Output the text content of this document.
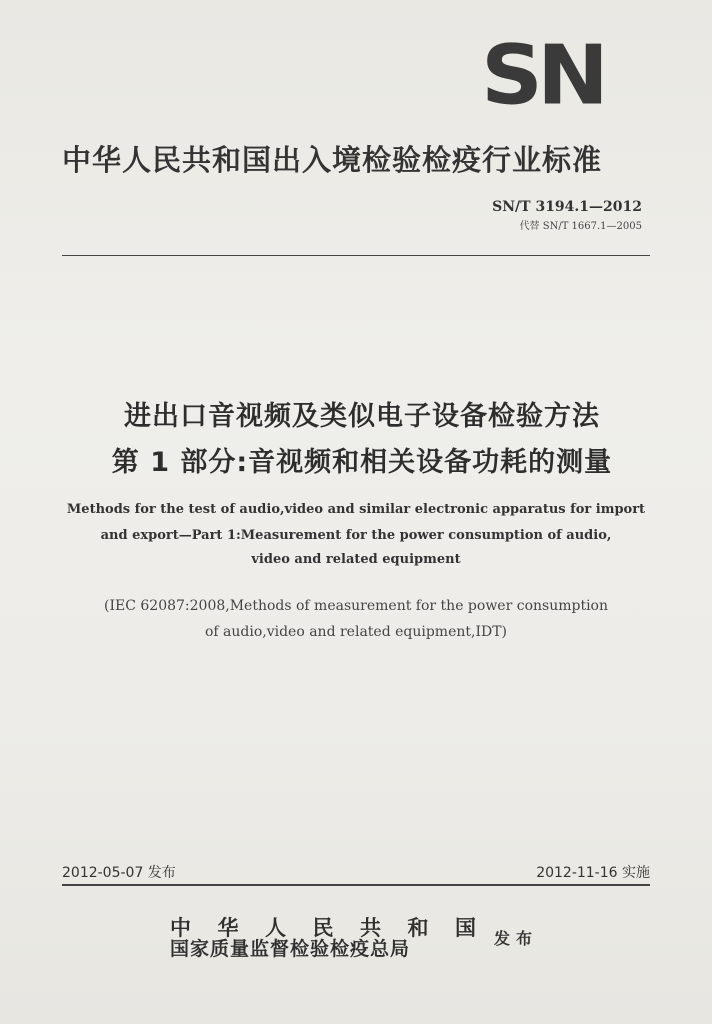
SN
中华人民共和国出入境检验检疫行业标准
SN/T 3194.1—2012
代替 SN/T 1667.1—2005
进出口音视频及类似电子设备检验方法
第 1 部分:音视频和相关设备功耗的测量
Methods for the test of audio,video and similar electronic apparatus for import
and export—Part 1:Measurement for the power consumption of audio,
video and related equipment
(IEC 62087:2008,Methods of measurement for the power consumption
of audio,video and related equipment,IDT)
2012-05-07 发布	2012-11-16 实施
中 华 人 民 共 和 国
国家质量监督检验检疫总局	发布
